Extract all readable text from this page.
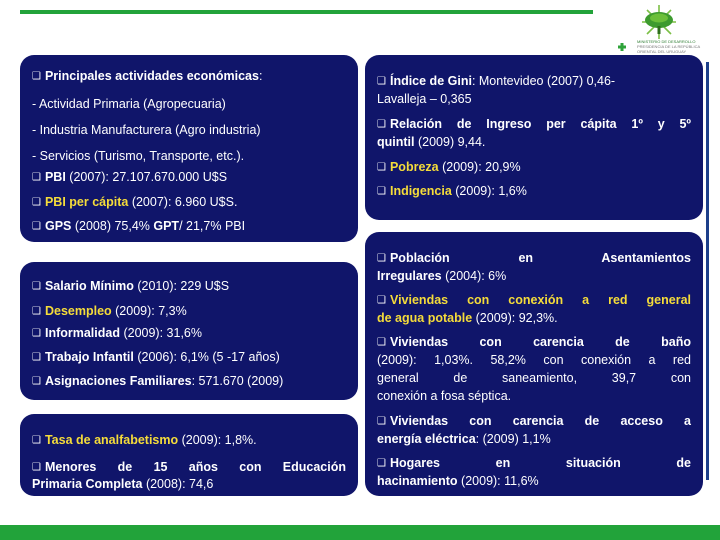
MINISTERIO DE DESARROLLO
PRESIDENCIA DE LA REPÚBLICA
ORIENTAL DEL URUGUAY

❑ Principales actividades económicas:

- Actividad Primaria (Agropecuaria)

- Industria Manufacturera (Agro industria)

- Servicios (Turismo, Transporte, etc.).

❑ PBI (2007): 27.107.670.000 U$S

❑ PBI per cápita (2007): 6.960 U$S.

❑ GPS (2008) 75,4% GPT/ 21,7% PBI

❑ Salario Mínimo (2010): 229 U$S

❑ Desempleo (2009): 7,3%

❑ Informalidad (2009): 31,6%

❑ Trabajo Infantil (2006): 6,1% (5 -17 años)

❑ Asignaciones Familiares: 571.670 (2009)

❑ Tasa de analfabetismo (2009): 1,8%.

❑ Menores de 15 años con Educación

Primaria Completa (2008): 74,6

❑ Índice de Gini: Montevideo (2007) 0,46-

Lavalleja – 0,365

❑ Relación de Ingreso per cápita 1º y 5º

quintil (2009) 9,44.

❑ Pobreza (2009): 20,9%

❑ Indigencia (2009): 1,6%

❑ Población en Asentamientos

Irregulares (2004): 6%

❑ Viviendas con conexión a red general

de agua potable (2009): 92,3%.

❑ Viviendas con carencia de baño

(2009): 1,03%. 58,2% con conexión a red

general de saneamiento, 39,7 con

conexión a fosa séptica.

❑ Viviendas con carencia de acceso a

energía eléctrica: (2009) 1,1%

❑ Hogares en situación de

hacinamiento (2009): 11,6%
